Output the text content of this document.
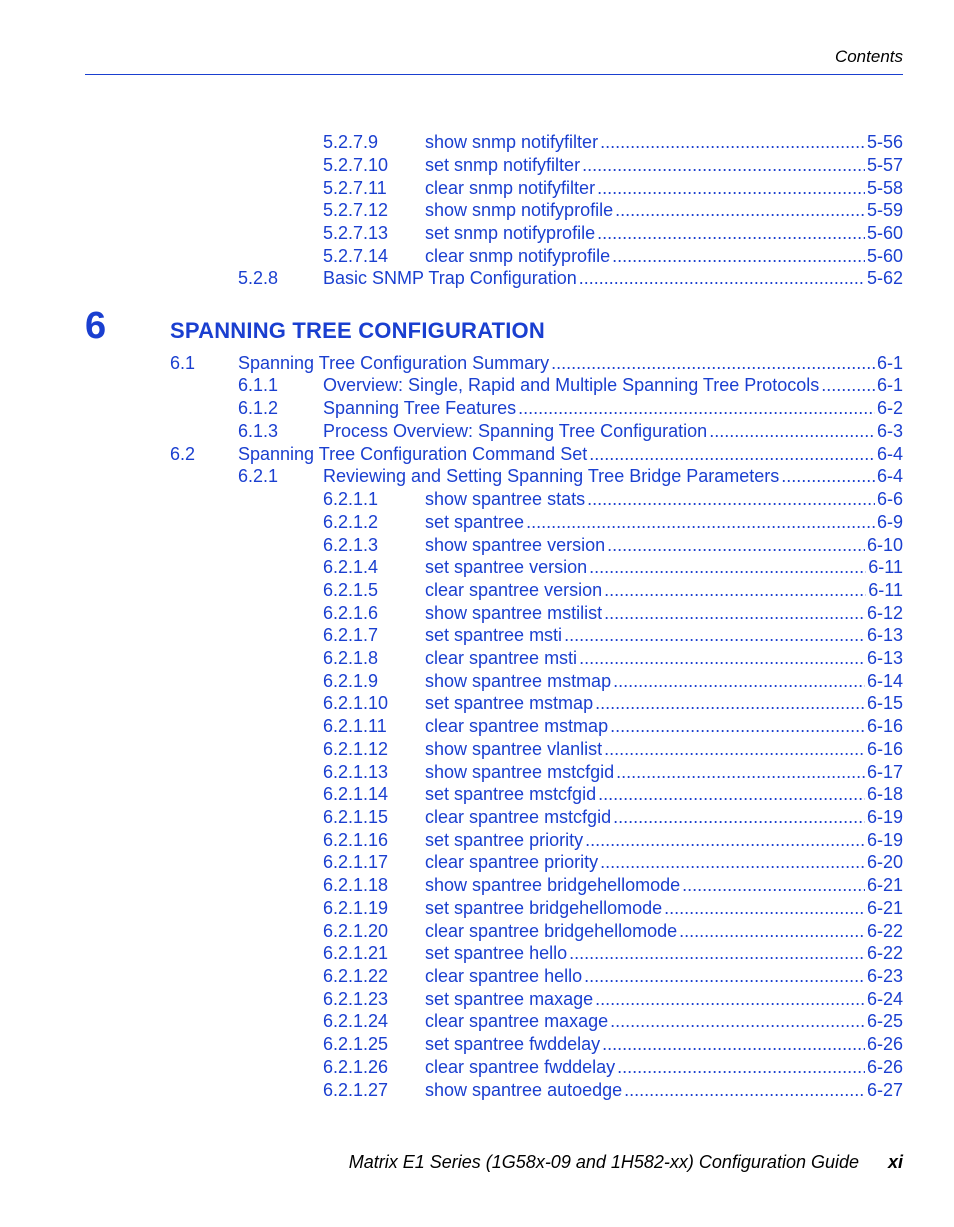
Contents
6	SPANNING TREE CONFIGURATION
5.2.7.9	show snmp notifyfilter .....	5-56
5.2.7.10	set snmp notifyfilter .....	5-57
5.2.7.11	clear snmp notifyfilter .....	5-58
5.2.7.12	show snmp notifyprofile .....	5-59
5.2.7.13	set snmp notifyprofile .....	5-60
5.2.7.14	clear snmp notifyprofile .....	5-60
5.2.8	Basic SNMP Trap Configuration .....	5-62
6.1	Spanning Tree Configuration Summary .....	6-1
6.1.1	Overview: Single, Rapid and Multiple Spanning Tree Protocols .....	6-1
6.1.2	Spanning Tree Features .....	6-2
6.1.3	Process Overview: Spanning Tree Configuration .....	6-3
6.2	Spanning Tree Configuration Command Set .....	6-4
6.2.1	Reviewing and Setting Spanning Tree Bridge Parameters .....	6-4
6.2.1.1	show spantree stats .....	6-6
6.2.1.2	set spantree .....	6-9
6.2.1.3	show spantree version .....	6-10
6.2.1.4	set spantree version .....	6-11
6.2.1.5	clear spantree version .....	6-11
6.2.1.6	show spantree mstilist .....	6-12
6.2.1.7	set spantree msti .....	6-13
6.2.1.8	clear spantree msti .....	6-13
6.2.1.9	show spantree mstmap .....	6-14
6.2.1.10	set spantree mstmap .....	6-15
6.2.1.11	clear spantree mstmap .....	6-16
6.2.1.12	show spantree vlanlist .....	6-16
6.2.1.13	show spantree mstcfgid .....	6-17
6.2.1.14	set spantree mstcfgid .....	6-18
6.2.1.15	clear spantree mstcfgid .....	6-19
6.2.1.16	set spantree priority .....	6-19
6.2.1.17	clear spantree priority .....	6-20
6.2.1.18	show spantree bridgehellomode .....	6-21
6.2.1.19	set spantree bridgehellomode .....	6-21
6.2.1.20	clear spantree bridgehellomode .....	6-22
6.2.1.21	set spantree hello .....	6-22
6.2.1.22	clear spantree hello .....	6-23
6.2.1.23	set spantree maxage .....	6-24
6.2.1.24	clear spantree maxage .....	6-25
6.2.1.25	set spantree fwddelay .....	6-26
6.2.1.26	clear spantree fwddelay .....	6-26
6.2.1.27	show spantree autoedge .....	6-27
Matrix E1 Series (1G58x-09 and 1H582-xx) Configuration Guide xi
